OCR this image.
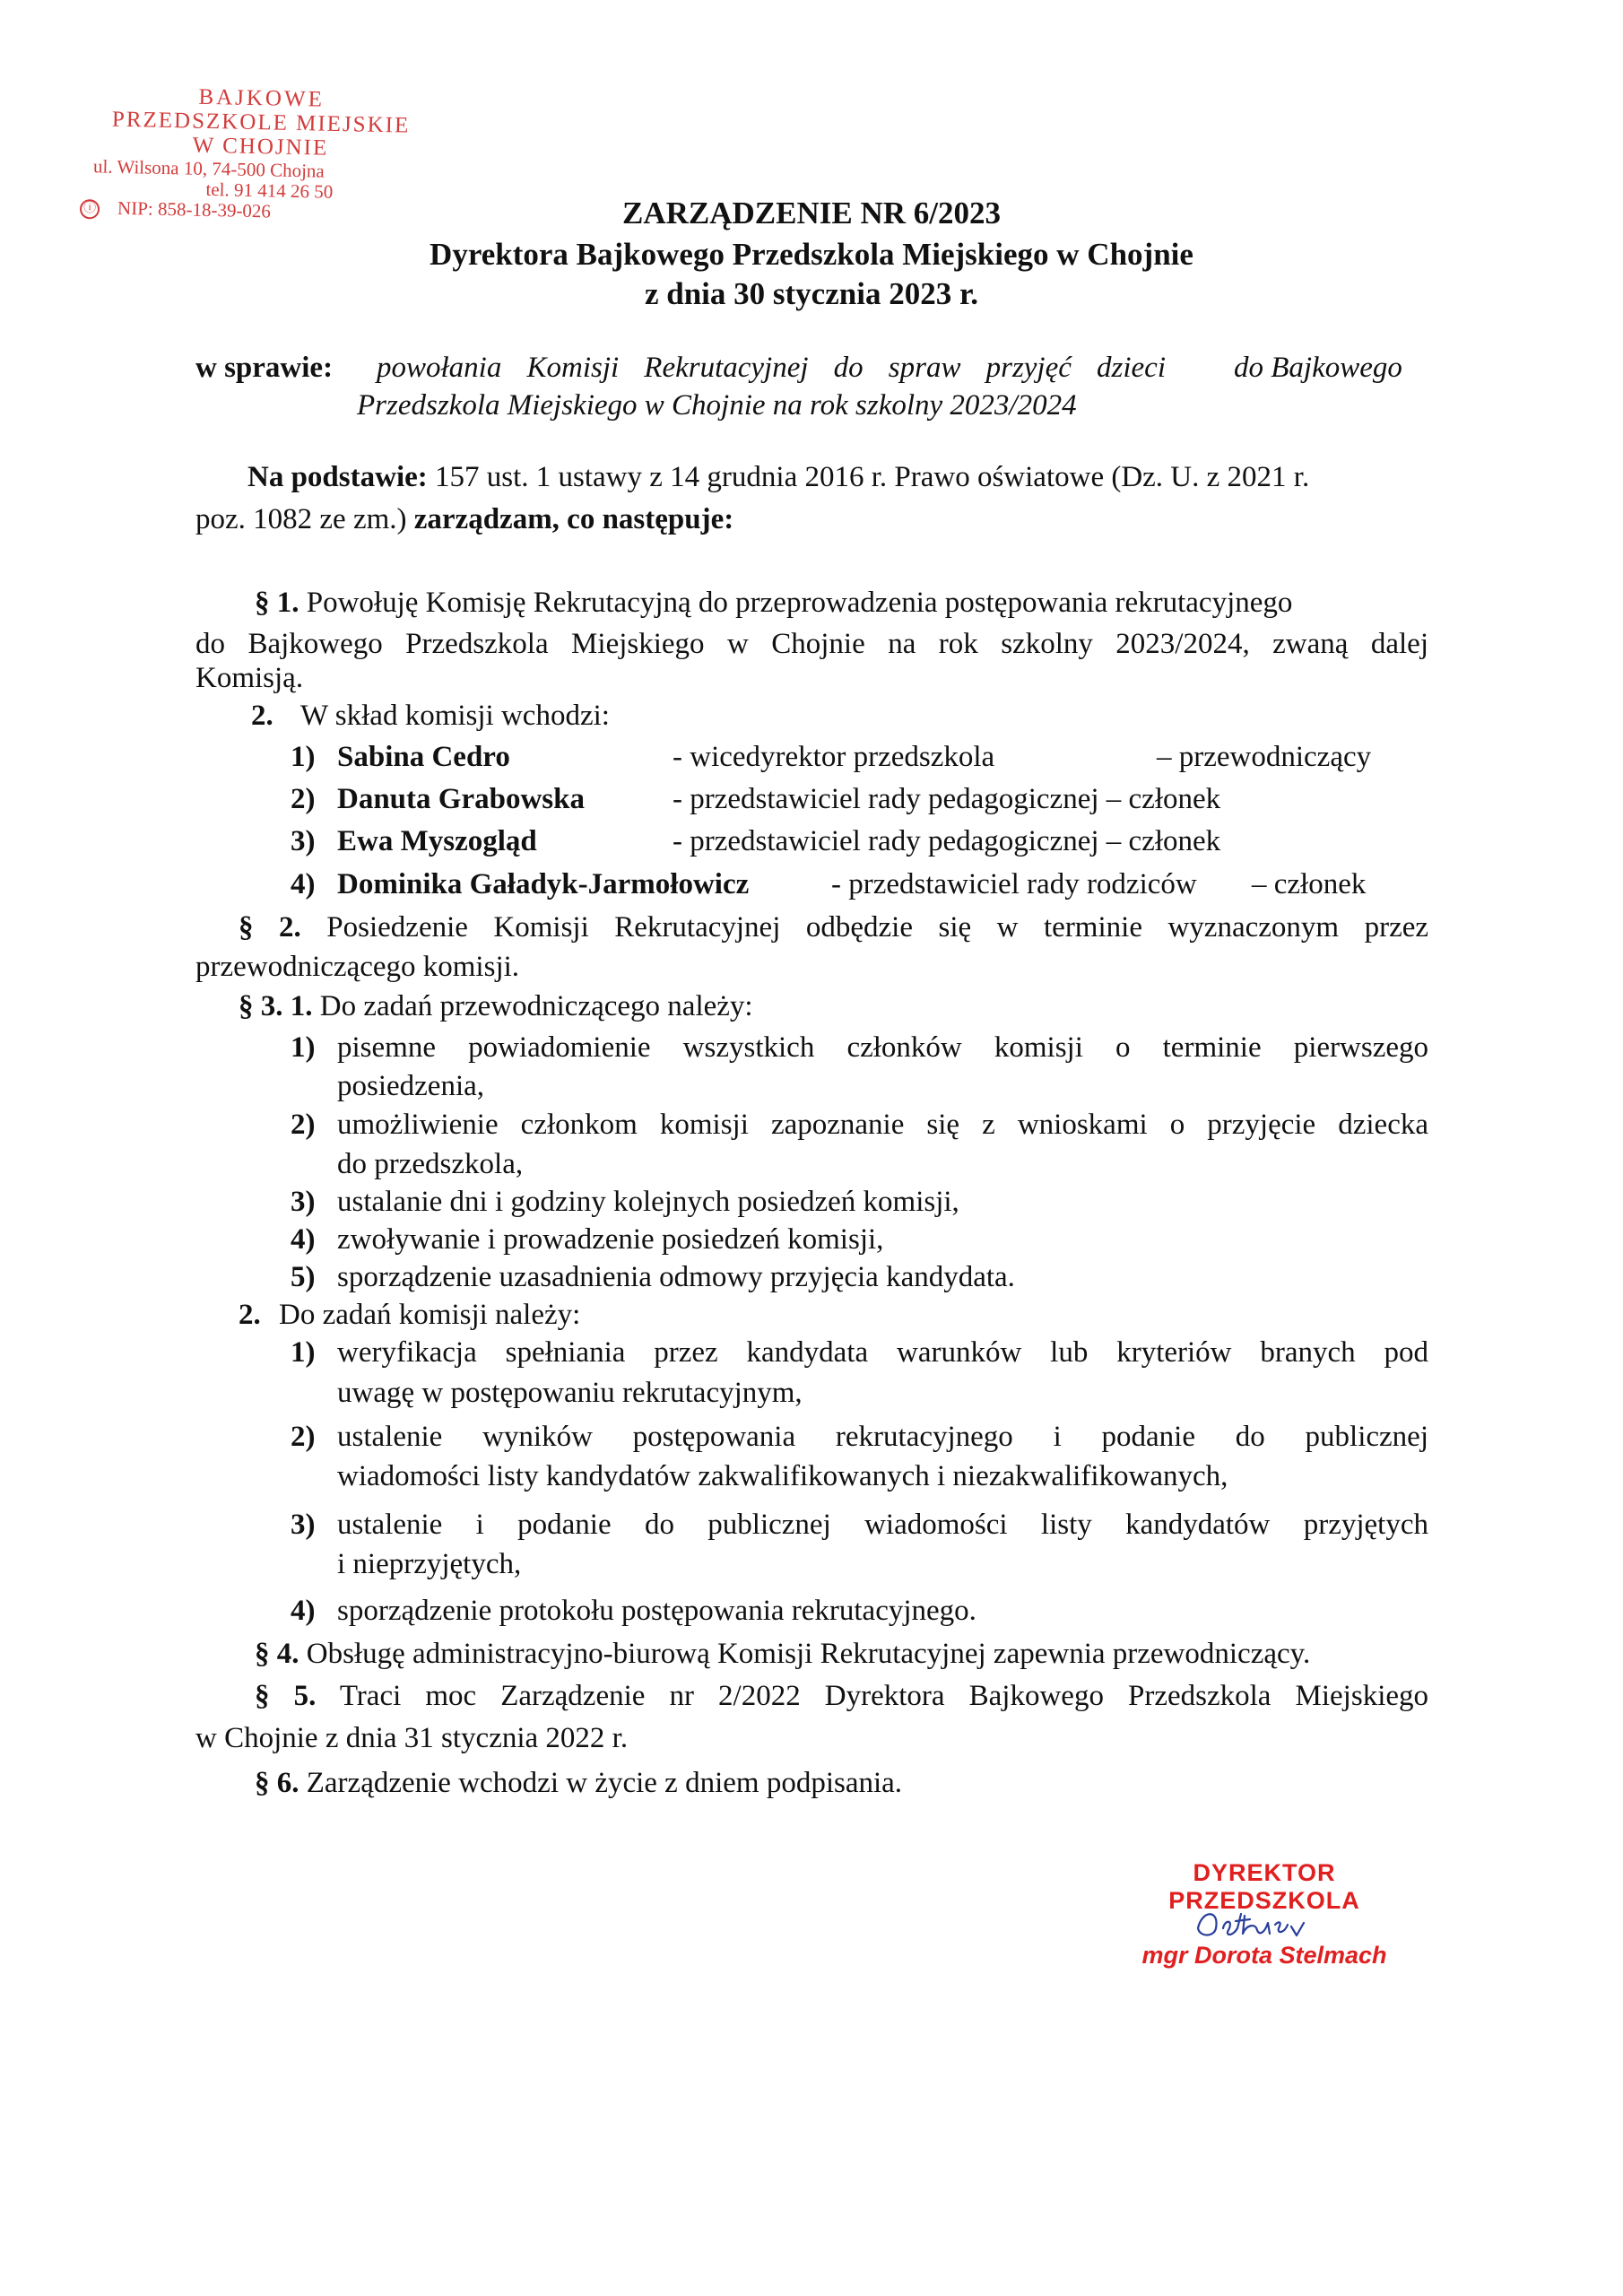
BAJKOWE
PRZEDSZKOLE MIEJSKIE
W CHOJNIE
ul. Wilsona 10, 74-500 Chojna
tel. 91 414 26 50
ⓘ NIP: 858-18-39-026	ZARZĄDZENIE NR 6/2023
Dyrektora Bajkowego Przedszkola Miejskiego w Chojnie
z dnia 30 stycznia 2023 r.
w sprawie: powołania Komisji Rekrutacyjnej do spraw przyjęć dzieci do Bajkowego
Przedszkola Miejskiego w Chojnie na rok szkolny 2023/2024
Na podstawie: 157 ust. 1 ustawy z 14 grudnia 2016 r. Prawo oświatowe (Dz. U. z 2021 r.
poz. 1082 ze zm.) zarządzam, co następuje:
§ 1. Powołuję Komisję Rekrutacyjną do przeprowadzenia postępowania rekrutacyjnego
do Bajkowego Przedszkola Miejskiego w Chojnie na rok szkolny 2023/2024, zwaną dalej
Komisją.
2. W skład komisji wchodzi:
1) Sabina Cedro	- wicedyrektor przedszkola	– przewodniczący
2) Danuta Grabowska	- przedstawiciel rady pedagogicznej – członek
3) Ewa Myszogląd	- przedstawiciel rady pedagogicznej – członek
4) Dominika Gaładyk-Jarmołowicz	- przedstawiciel rady rodziców – członek
§ 2. Posiedzenie Komisji Rekrutacyjnej odbędzie się w terminie wyznaczonym przez
przewodniczącego komisji.
§ 3. 1. Do zadań przewodniczącego należy:
1) pisemne powiadomienie wszystkich członków komisji o terminie pierwszego
posiedzenia,
2) umożliwienie członkom komisji zapoznanie się z wnioskami o przyjęcie dziecka
do przedszkola,
3) ustalanie dni i godziny kolejnych posiedzeń komisji,
4) zwoływanie i prowadzenie posiedzeń komisji,
5) sporządzenie uzasadnienia odmowy przyjęcia kandydata.
2. Do zadań komisji należy:
1) weryfikacja spełniania przez kandydata warunków lub kryteriów branych pod
uwagę w postępowaniu rekrutacyjnym,
2) ustalenie wyników postępowania rekrutacyjnego i podanie do publicznej
wiadomości listy kandydatów zakwalifikowanych i niezakwalifikowanych,
3) ustalenie i podanie do publicznej wiadomości listy kandydatów przyjętych
i nieprzyjętych,
4) sporządzenie protokołu postępowania rekrutacyjnego.
§ 4. Obsługę administracyjno-biurową Komisji Rekrutacyjnej zapewnia przewodniczący.
§ 5. Traci moc Zarządzenie nr 2/2022 Dyrektora Bajkowego Przedszkola Miejskiego
w Chojnie z dnia 31 stycznia 2022 r.
§ 6. Zarządzenie wchodzi w życie z dniem podpisania.
DYREKTOR
PRZEDSZKOLA
mgr Dorota Stelmach
